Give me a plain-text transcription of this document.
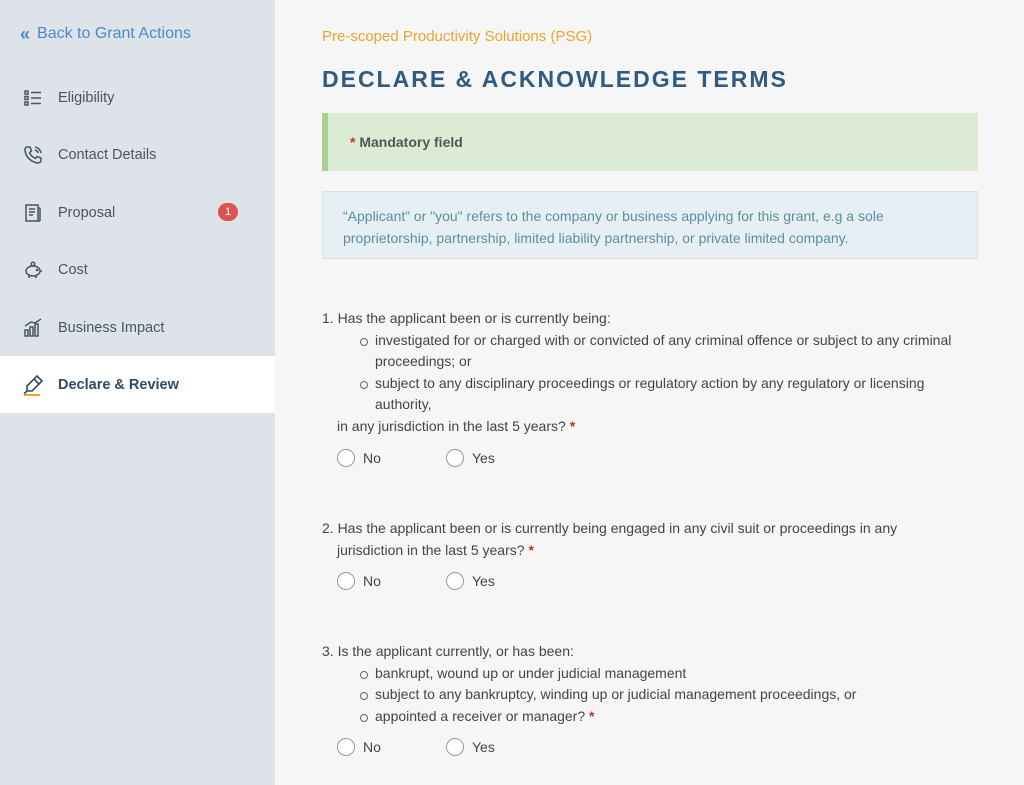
« Back to Grant Actions
Eligibility
Contact Details
Proposal	1
Cost
Business Impact
Declare & Review
Pre-scoped Productivity Solutions (PSG)
DECLARE & ACKNOWLEDGE TERMS
*
Mandatory field
“Applicant” or "you" refers to the company or business applying for this grant, e.g a sole proprietorship, partnership, limited liability partnership, or private limited company.
1. Has the applicant been or is currently being:
investigated for or charged with or convicted of any criminal offence or subject to any criminal proceedings; or
subject to any disciplinary proceedings or regulatory action by any regulatory or licensing authority,
in any jurisdiction in the last 5 years? *
No	Yes
2. Has the applicant been or is currently being engaged in any civil suit or proceedings in any
jurisdiction in the last 5 years? *
No	Yes
3. Is the applicant currently, or has been:
bankrupt, wound up or under judicial management
subject to any bankruptcy, winding up or judicial management proceedings, or
appointed a receiver or manager? *
No	Yes
